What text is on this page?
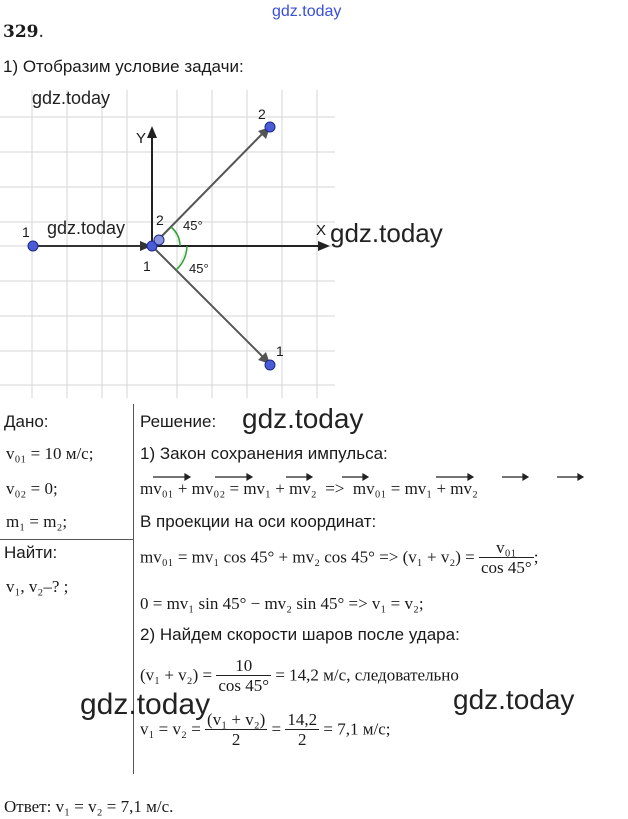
gdz.today
329.
1) Отобразим условие задачи:
Y
X
1
1
2
2
1
45°
45°
gdz.today
gdz.today	gdz.today
Дано:
v₀₁ = 10 м/с;
v₀₂ = 0;
m₁ = m₂;
Найти:
v₁, v₂–? ;
Решение: gdz.today
1) Закон сохранения импульса:
mv₀₁ + mv₀₂ = mv₁ + mv₂ => mv₀₁ = mv₁ + mv₂
В проекции на оси координат:
mv₀₁ = mv₁ cos 45° + mv₂ $\cos 45^\circ => (v_1 + v_2) = \frac{\text{v₀₁}}{\cos 45^\circ}$ ;
0 = mv₁ sin 45° − mv₂ sin 45° => v₁ = v₂;
2) Найдем скорости шаров после удара:
$(v_1 + v_2) = \frac{10}{\cos 45^\circ} = 14,2$ м/с, следовательно
$v_1 = v_2 = \frac{\text{(v₁ + v₂)}}{2} = \frac{14,2}{2} = 7,1$ м/с;
gdz.today	gdz.today
Ответ: v₁ = v₂ = 7,1 м/с.
